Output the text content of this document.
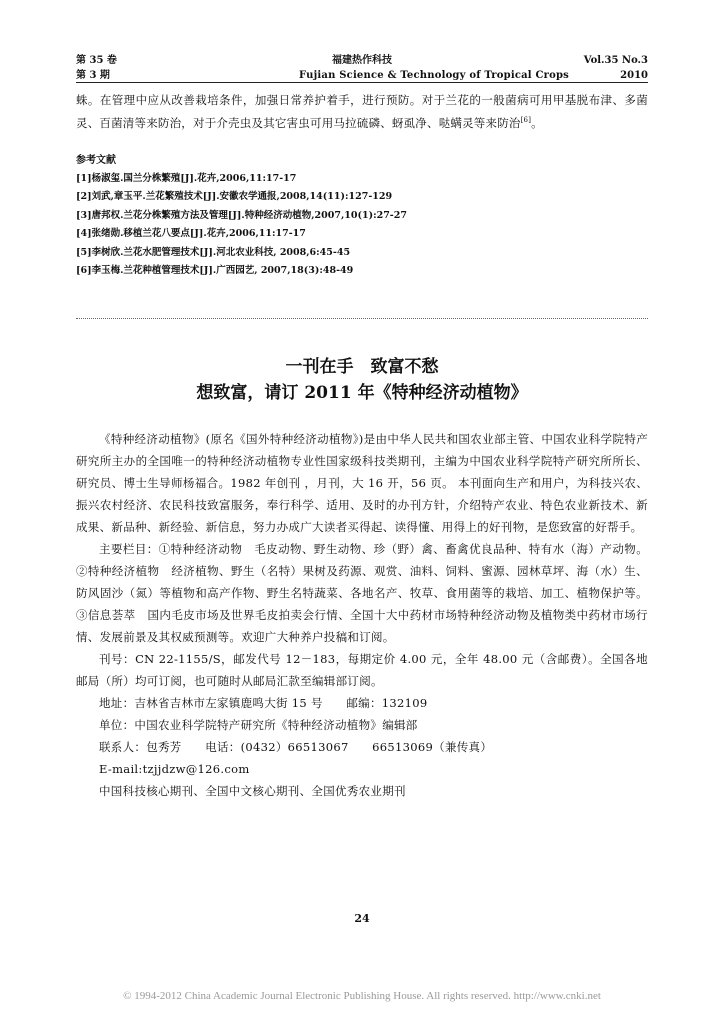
第 35 卷
第 3 期
福建热作科技
Fujian Science & Technology of Tropical Crops
Vol.35 No.3
2010
蛛。在管理中应从改善栽培条件，加强日常养护着手，进行预防。对于兰花的一般菌病可用甲基脱布津、多菌灵、百菌清等来防治，对于介壳虫及其它害虫可用马拉硫磷、蚜虱净、哒螨灵等来防治[6]。
参考文献
[1]杨淑玺.国兰分株繁殖[J].花卉,2006,11:17-17
[2]刘武,章玉平.兰花繁殖技术[J].安徽农学通报,2008,14(11):127-129
[3]唐邦权.兰花分株繁殖方法及管理[J].特种经济动植物,2007,10(1):27-27
[4]张绪勋.移植兰花八要点[J].花卉,2006,11:17-17
[5]李树欣.兰花水肥管理技术[J].河北农业科技, 2008,6:45-45
[6]李玉梅.兰花种植管理技术[J].广西园艺, 2007,18(3):48-49
一刊在手　致富不愁
想致富，请订 2011 年《特种经济动植物》

《特种经济动植物》(原名《国外特种经济动植物》)是由中华人民共和国农业部主管、中国农业科学院特产研究所主办的全国唯一的特种经济动植物专业性国家级科技类期刊，主编为中国农业科学院特产研究所所长、研究员、博士生导师杨福合。1982 年创刊 ，月刊，大 16 开，56 页。 本刊面向生产和用户，为科技兴农、振兴农村经济、农民科技致富服务，奉行科学、适用、及时的办刊方针，介绍特产农业、特色农业新技术、新成果、新品种、新经验、新信息，努力办成广大读者买得起、读得懂、用得上的好刊物，是您致富的好帮手。

主要栏目：①特种经济动物　毛皮动物、野生动物、珍（野）禽、畜禽优良品种、特有水（海）产动物。②特种经济植物　经济植物、野生（名特）果树及药源、观赏、油料、饲料、蜜源、园林草坪、海（水）生、防风固沙（氮）等植物和高产作物、野生名特蔬菜、各地名产、牧草、食用菌等的栽培、加工、植物保护等。③信息荟萃　国内毛皮市场及世界毛皮拍卖会行情、全国十大中药材市场特种经济动物及植物类中药材市场行情、发展前景及其权威预测等。欢迎广大种养户投稿和订阅。

刊号：CN 22-1155/S，邮发代号 12－183，每期定价 4.00 元，全年 48.00 元（含邮费）。全国各地邮局（所）均可订阅，也可随时从邮局汇款至编辑部订阅。

地址：吉林省吉林市左家镇鹿鸣大街 15 号　　邮编：132109

单位：中国农业科学院特产研究所《特种经济动植物》编辑部

联系人：包秀芳　　电话：(0432）66513067　　66513069（兼传真）

E-mail:tzjjdzw@126.com

中国科技核心期刊、全国中文核心期刊、全国优秀农业期刊

24
© 1994-2012 China Academic Journal Electronic Publishing House. All rights reserved. http://www.cnki.net
